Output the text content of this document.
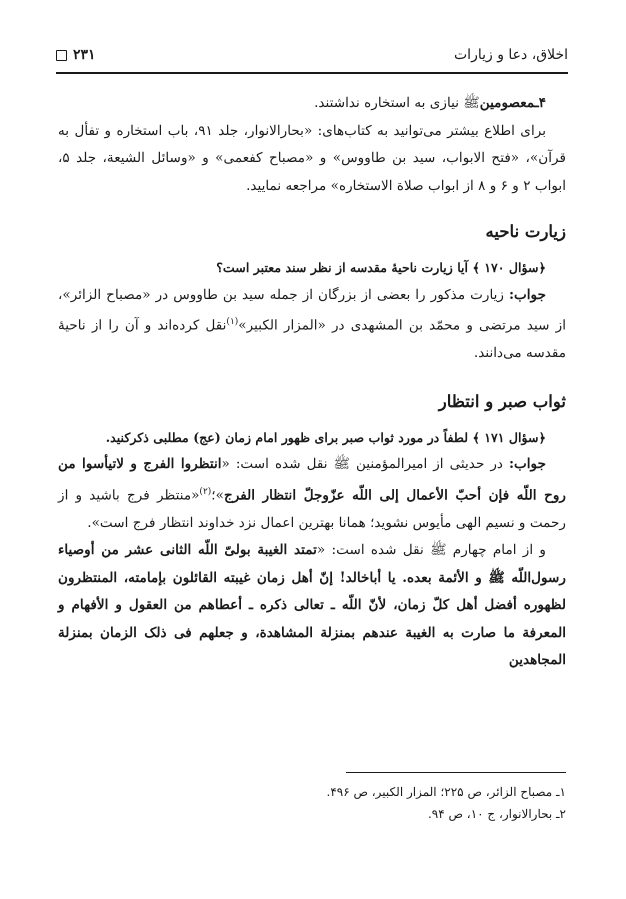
اخلاق، دعا و زیارات
۲۳۱

۴ـمعصومینﷺ نیازی به استخاره نداشتند.

برای اطلاع بیشتر می‌توانید به کتاب‌های: «بحارالانوار، جلد ۹۱، باب استخاره و تفأل به قرآن»، «فتح الابواب، سید بن طاووس» و «مصباح کفعمی» و «وسائل الشیعة، جلد ۵، ابواب ۲ و ۶ و ۸ از ابواب صلاة الاستخاره» مراجعه نمایید.

زیارت ناحیه

﴿سؤال ۱۷۰ ﴾ آیا زیارت ناحیهٔ مقدسه از نظر سند معتبر است؟

جواب: زیارت مذکور را بعضی از بزرگان از جمله سید بن طاووس در «مصباح الزائر»، از سید مرتضی و محمّد بن المشهدی در «المزار الکبیر»$^{(۱)}$نقل کرده‌اند و آن را از ناحیهٔ مقدسه می‌دانند.

ثواب صبر و انتظار

﴿سؤال ۱۷۱ ﴾ لطفاً در مورد ثواب صبر برای ظهور امام زمان (عج) مطلبی ذکرکنید.

جواب: در حدیثی از امیرالمؤمنین ﷺ نقل شده است: «انتظروا الفرج و لاتیأسوا من روح اللّه فإن أحبّ الأعمال إلی اللّه عزّوجلّ انتظار الفرج»؛$^{(۲)}$«منتظر فرج باشید و از رحمت و نسیم الهی مأیوس نشوید؛ همانا بهترین اعمال نزد خداوند انتظار فرج است».

و از امام چهارم ﷺ نقل شده است: «تمتد الغیبة بولیّ اللّه الثانی عشر من أوصیاء رسول‌اللّه ﷺ و الأئمة بعده. یا أباخالد! إنّ أهل زمان غیبته القائلون بإمامته، المنتظرون لظهوره أفضل أهل کلّ زمان، لأنّ اللّه ـ تعالی ذکره ـ أعطاهم من العقول و الأفهام و المعرفة ما صارت به الغیبة عندهم بمنزلة المشاهدة، و جعلهم فی ذلک الزمان بمنزلة المجاهدین

۱ـ مصباح الزائر، ص ۲۲۵؛ المزار الکبیر، ص ۴۹۶.

۲ـ بحارالانوار، ج ۱۰، ص ۹۴.
